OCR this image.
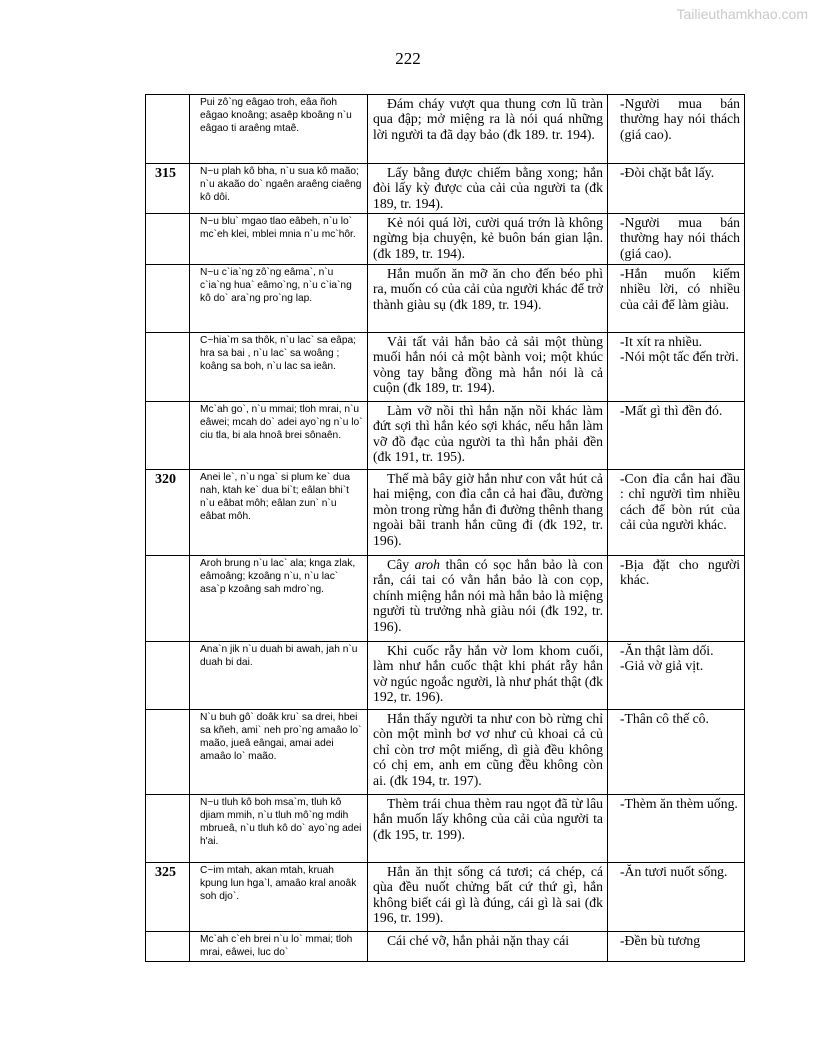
Tailieuthamkhao.com
222
	Pui zô`ng eâgao troh, eâa ñoh eâgao knoâng; asaêp kboâng n`u eâgao ti araêng mtaê.	Đám cháy vượt qua thung cơn lũ tràn qua đập; mở miệng ra là nói quá những lời người ta đã dạy bảo (đk 189. tr. 194).	-Người mua bán thường hay nói thách (giá cao).

315	N~u plah kô bha, n`u sua kô maão; n`u akaão do` ngaên araêng ciaêng kô dôi.	Lấy bằng được chiếm bằng xong; hắn đòi lấy kỳ được của cải của người ta (đk 189, tr. 194).	-Đòi chặt bắt lấy.

	N~u blu` mgao tlao eâbeh, n`u lo` mc`eh klei, mblei mnia n`u mc`hôr.	Kẻ nói quá lời, cười quá trớn là không ngừng bịa chuyện, kẻ buôn bán gian lận. (đk 189, tr. 194).	-Người mua bán thường hay nói thách (giá cao).

	N~u c`ia`ng zô`ng eâma`, n`u c`ia`ng hua` eâmo`ng, n`u c`ia`ng kô do` ara`ng pro`ng lap.	Hắn muốn ăn mỡ ăn cho đến béo phì ra, muốn có của cải của người khác để trở thành giàu sụ (đk 189, tr. 194).	-Hắn muốn kiếm nhiều lời, có nhiều của cải để làm giàu.

	C~hia`m sa thôk, n`u lac` sa eâpa; hra sa bai , n`u lac` sa woâng ; koâng sa boh, n`u lac sa ieân.	Vải tất vải hắn bảo cả sải một thùng muối hắn nói cả một bành voi; một khúc vòng tay bằng đồng mà hắn nói là cả cuộn (đk 189, tr. 194).	-It xít ra nhiều.
-Nói một tấc đến trời.

	Mc`ah go`, n`u mmai; tloh mrai, n`u eâwei; mcah do` adei ayo`ng n`u lo` ciu tla, bi ala hnoâ brei sônaên.	Làm vỡ nồi thì hắn nặn nồi khác làm đứt sợi thì hắn kéo sợi khác, nếu hắn làm vỡ đồ đạc của người ta thì hắn phải đền (đk 191, tr. 195).	-Mất gì thì đền đó.

320	Anei le`, n`u nga` si plum ke` dua nah, ktah ke` dua bi`t; eâlan bhi`t n`u eâbat môh; eâlan zun` n`u eâbat môh.	Thế mà bây giờ hắn như con vắt hút cả hai miệng, con đỉa cắn cả hai đầu, đường mòn trong rừng hắn đi đường thênh thang ngoài bãi tranh hắn cũng đi (đk 192, tr. 196).	-Con đỉa cắn hai đầu : chỉ người tìm nhiều cách để bòn rút của cải của người khác.

	Aroh brung n`u lac` ala; knga zlak, eâmoâng; kzoâng n`u, n`u lac` asa`p kzoâng sah mdro`ng.	Cây aroh thân có sọc hắn bảo là con rắn, cái tai có vằn hắn bảo là con cọp, chính miệng hắn nói mà hắn bảo là miệng người tù trưởng nhà giàu nói (đk 192, tr. 196).	-Bịa đặt cho người khác.

	Ana`n jik n`u duah bi awah, jah n`u duah bi dai.	Khi cuốc rẫy hắn vờ lom khom cuối, làm như hắn cuốc thật khi phát rẫy hắn vờ ngúc ngoắc người, là như phát thật (đk 192, tr. 196).	-Ăn thật làm dối.
-Giả vờ giả vịt.

	N`u buh gô` doâk kru` sa drei, hbei sa kñeh, ami` neh pro`ng amaâo lo` maão, jueâ eângai, amai adei amaâo lo` maão.	Hắn thấy người ta như con bò rừng chỉ còn một mình bơ vơ như củ khoai cả củ chỉ còn trơ một miếng, dì già đều không có chị em, anh em cũng đều không còn ai. (đk 194, tr. 197).	-Thân cô thế cô.

	N~u tluh kô boh msa`m, tluh kô djiam mmih, n`u tluh mô`ng mdih mbrueâ, n`u tluh kô do` ayo`ng adei h'ai.	Thèm trái chua thèm rau ngọt đã từ lâu hắn muốn lấy không của cải của người ta (đk 195, tr. 199).	-Thèm ăn thèm uống.

325	C~im mtah, akan mtah, kruah kpung lun hga`l, amaâo kral anoâk soh djo`.	Hắn ăn thịt sống cá tươi; cá chép, cá qùa đều nuốt chửng bất cứ thứ gì, hắn không biết cái gì là đúng, cái gì là sai (đk 196, tr. 199).	-Ăn tươi nuốt sống.

	Mc`ah c`eh brei n`u lo` mmai; tloh mrai, eâwei, luc do`	Cái ché vỡ, hắn phải nặn thay cái	-Đền bù tương
